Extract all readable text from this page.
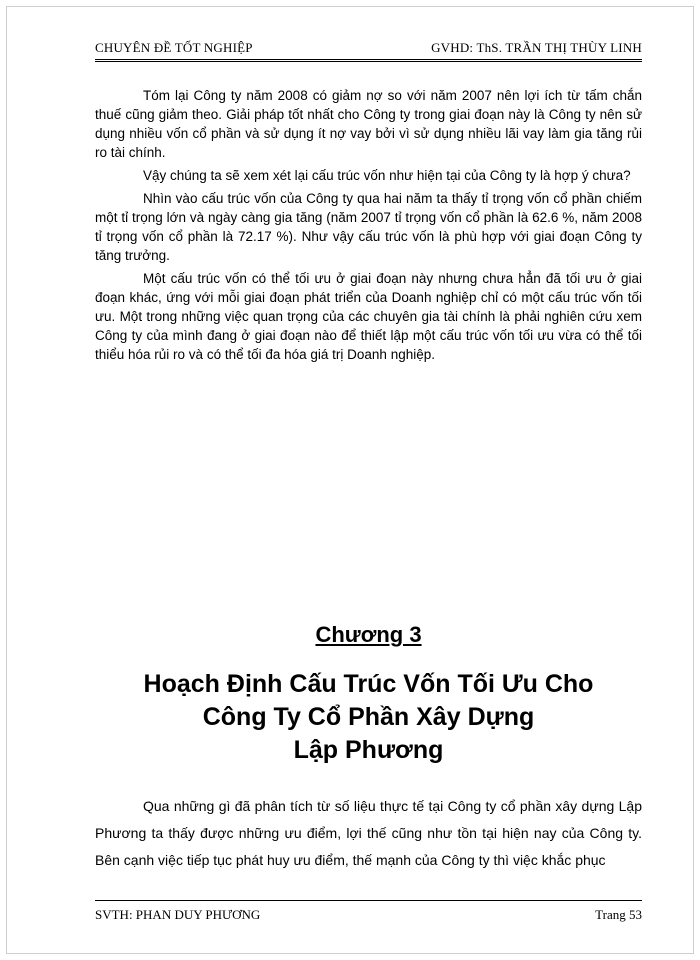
CHUYÊN ĐỀ TỐT NGHIỆP	GVHD: ThS. TRẦN THỊ THÙY LINH

Tóm lại Công ty năm 2008 có giảm nợ so với năm 2007 nên lợi ích từ tấm chắn thuế cũng giảm theo. Giải pháp tốt nhất cho Công ty trong giai đoạn này là Công ty nên sử dụng nhiều vốn cổ phần và sử dụng ít nợ vay bởi vì sử dụng nhiều lãi vay làm gia tăng rủi ro tài chính.

Vậy chúng ta sẽ xem xét lại cấu trúc vốn như hiện tại của Công ty là hợp ý chưa?

Nhìn vào cấu trúc vốn của Công ty qua hai năm ta thấy tỉ trọng vốn cổ phần chiếm một tỉ trọng lớn và ngày càng gia tăng (năm 2007 tỉ trọng vốn cổ phần là 62.6 %, năm 2008 tỉ trọng vốn cổ phần là 72.17 %). Như vậy cấu trúc vốn là phù hợp với giai đoạn Công ty tăng trưởng.

Một cấu trúc vốn có thể tối ưu ở giai đoạn này nhưng chưa hẳn đã tối ưu ở giai đoạn khác, ứng với mỗi giai đoạn phát triển của Doanh nghiệp chỉ có một cấu trúc vốn tối ưu. Một trong những việc quan trọng của các chuyên gia tài chính là phải nghiên cứu xem Công ty của mình đang ở giai đoạn nào để thiết lập một cấu trúc vốn tối ưu vừa có thể tối thiểu hóa rủi ro và có thể tối đa hóa giá trị Doanh nghiệp.

Chương 3
Hoạch Định Cấu Trúc Vốn Tối Ưu Cho
Công Ty Cổ Phần Xây Dựng
Lập Phương

Qua những gì đã phân tích từ số liệu thực tế tại Công ty cổ phần xây dựng Lập Phương ta thấy được những ưu điểm, lợi thế cũng như tồn tại hiện nay của Công ty. Bên cạnh việc tiếp tục phát huy ưu điểm, thế mạnh của Công ty thì việc khắc phục

SVTH: PHAN DUY PHƯƠNG	Trang 53
